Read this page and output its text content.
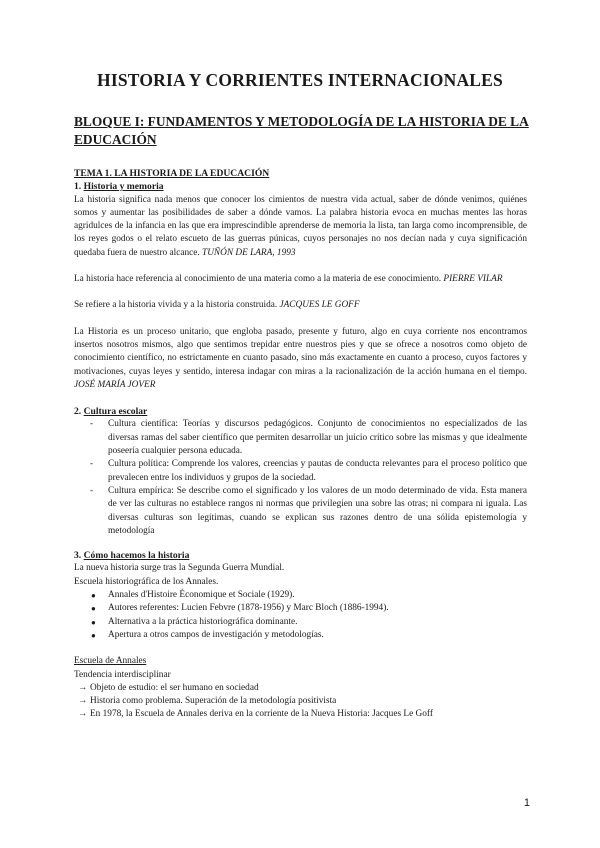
HISTORIA Y CORRIENTES INTERNACIONALES
BLOQUE I: FUNDAMENTOS Y METODOLOGÍA DE LA HISTORIA DE LA EDUCACIÓN
TEMA 1. LA HISTORIA DE LA EDUCACIÓN
1. Historia y memoria

La historia significa nada menos que conocer los cimientos de nuestra vida actual, saber de dónde venimos, quiénes somos y aumentar las posibilidades de saber a dónde vamos. La palabra historia evoca en muchas mentes las horas agridulces de la infancia en las que era imprescindible aprenderse de memoria la lista, tan larga como incomprensible, de los reyes godos o el relato escueto de las guerras púnicas, cuyos personajes no nos decían nada y cuya significación quedaba fuera de nuestro alcance. TUÑÓN DE LARA, 1993

La historia hace referencia al conocimiento de una materia como a la materia de ese conocimiento. PIERRE VILAR

Se refiere a la historia vivida y a la historia construida. JACQUES LE GOFF

La Historia es un proceso unitario, que engloba pasado, presente y futuro, algo en cuya corriente nos encontramos insertos nosotros mismos, algo que sentimos trepidar entre nuestros pies y que se ofrece a nosotros como objeto de conocimiento científico, no estrictamente en cuanto pasado, sino más exactamente en cuanto a proceso, cuyos factores y motivaciones, cuyas leyes y sentido, interesa indagar con miras a la racionalización de la acción humana en el tiempo. JOSÉ MARÍA JOVER

2. Cultura escolar
- Cultura científica: Teorías y discursos pedagógicos. Conjunto de conocimientos no especializados de las diversas ramas del saber científico que permiten desarrollar un juicio crítico sobre las mismas y que idealmente poseería cualquier persona educada.
- Cultura política: Comprende los valores, creencias y pautas de conducta relevantes para el proceso político que prevalecen entre los individuos y grupos de la sociedad.
- Cultura empírica: Se describe como el significado y los valores de un modo determinado de vida. Esta manera de ver las culturas no establece rangos ni normas que privilegien una sobre las otras; ni compara ni iguala. Las diversas culturas son legítimas, cuando se explican sus razones dentro de una sólida epistemología y metodología
3. Cómo hacemos la historia
La nueva historia surge tras la Segunda Guerra Mundial.
Escuela historiográfica de los Annales.
● Annales d'Histoire Économique et Sociale (1929).
● Autores referentes: Lucien Febvre (1878-1956) y Marc Bloch (1886-1994).
● Alternativa a la práctica historiográfica dominante.
● Apertura a otros campos de investigación y metodologías.
Escuela de Annales
Tendencia interdisciplinar
→ Objeto de estudio: el ser humano en sociedad
→ Historia como problema. Superación de la metodología positivista
→ En 1978, la Escuela de Annales deriva en la corriente de la Nueva Historia: Jacques Le Goff
1
